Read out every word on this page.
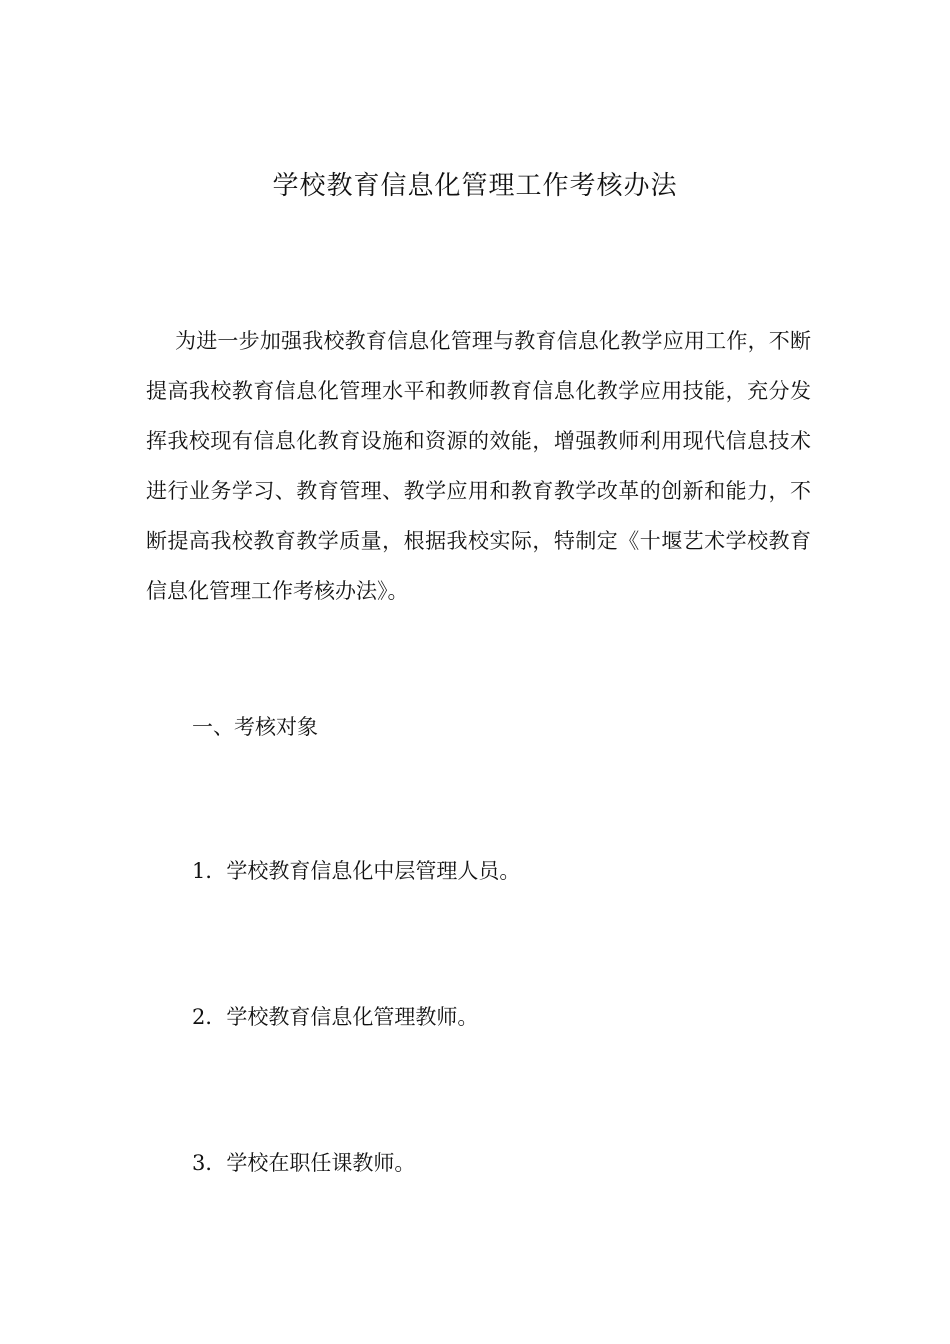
学校教育信息化管理工作考核办法

为进一步加强我校教育信息化管理与教育信息化教学应用工作，不断提高我校教育信息化管理水平和教师教育信息化教学应用技能，充分发挥我校现有信息化教育设施和资源的效能，增强教师利用现代信息技术进行业务学习、教育管理、教学应用和教育教学改革的创新和能力，不断提高我校教育教学质量，根据我校实际，特制定《十堰艺术学校教育信息化管理工作考核办法》。

一、考核对象

1．学校教育信息化中层管理人员。

2．学校教育信息化管理教师。

3．学校在职任课教师。
